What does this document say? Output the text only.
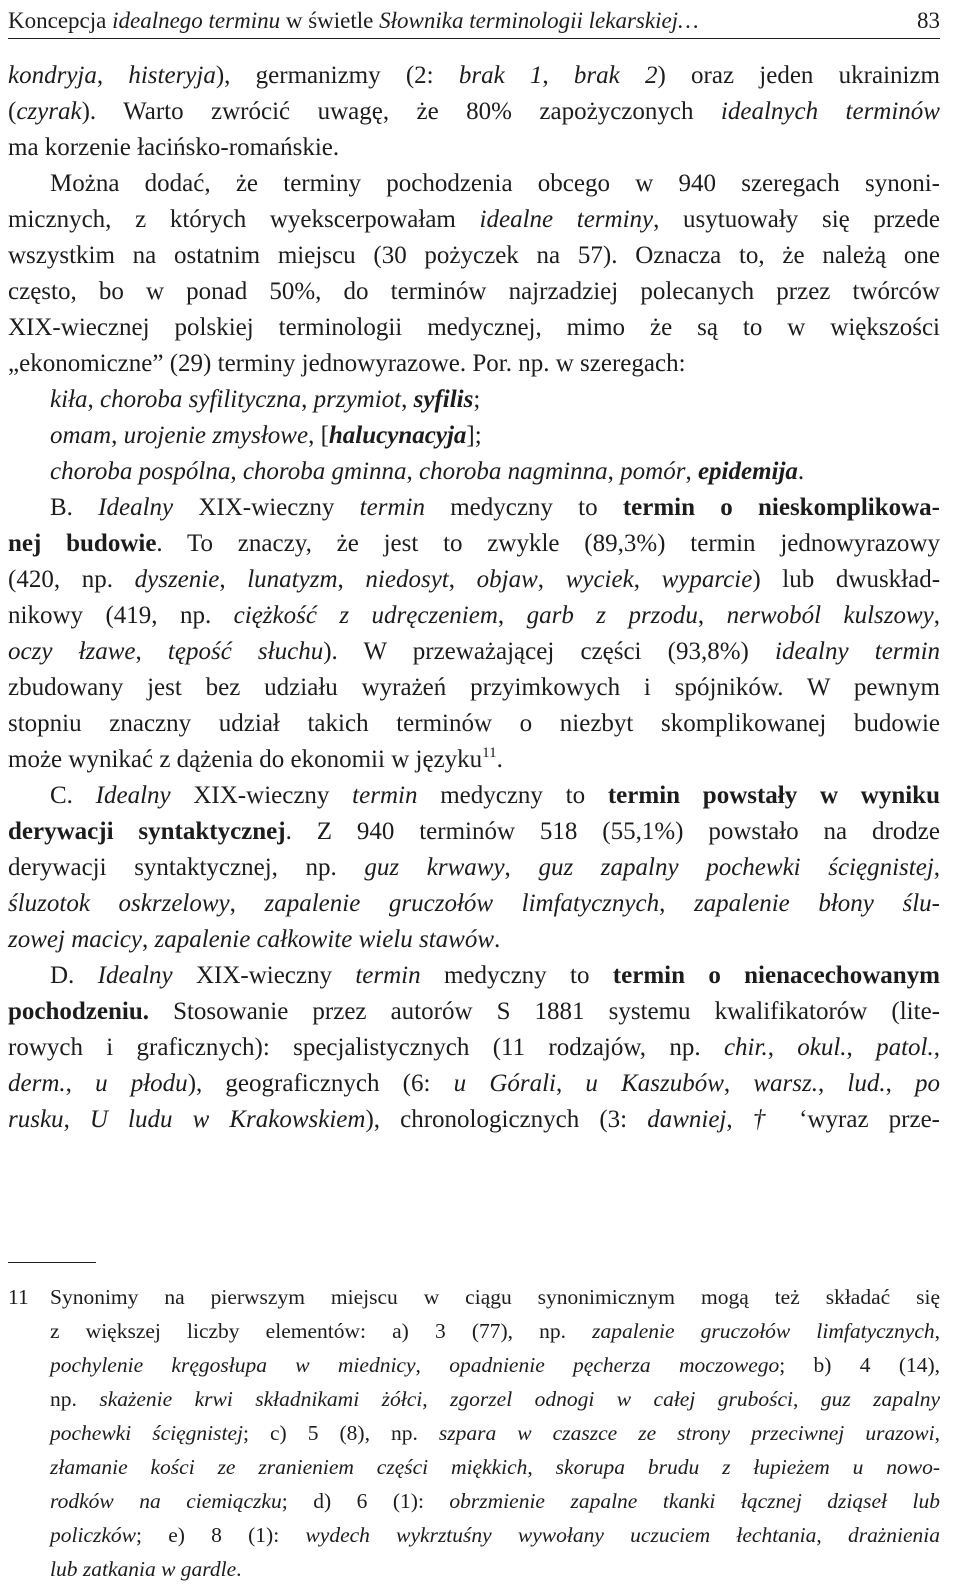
Koncepcja idealnego terminu w świetle Słownika terminologii lekarskiej…	83
kondryja, histeryja), germanizmy (2: brak 1, brak 2) oraz jeden ukrainizm
(czyrak). Warto zwrócić uwagę, że 80% zapożyczonych idealnych terminów
ma korzenie łacińsko-romańskie.
Można dodać, że terminy pochodzenia obcego w 940 szeregach synoni-
micznych, z których wyekscerpowałam idealne terminy, usytuowały się przede
wszystkim na ostatnim miejscu (30 pożyczek na 57). Oznacza to, że należą one
często, bo w ponad 50%, do terminów najrzadziej polecanych przez twórców
XIX-wiecznej polskiej terminologii medycznej, mimo że są to w większości
„ekonomiczne” (29) terminy jednowyrazowe. Por. np. w szeregach:
kiła, choroba syfilityczna, przymiot, syfilis;
omam, urojenie zmysłowe, [halucynacyja];
choroba pospólna, choroba gminna, choroba nagminna, pomór, epidemija.
B. Idealny XIX-wieczny termin medyczny to termin o nieskomplikowa-
nej budowie. To znaczy, że jest to zwykle (89,3%) termin jednowyrazowy
(420, np. dyszenie, lunatyzm, niedosyt, objaw, wyciek, wyparcie) lub dwuskład-
nikowy (419, np. ciężkość z udręczeniem, garb z przodu, nerwoból kulszowy,
oczy łzawe, tępość słuchu). W przeważającej części (93,8%) idealny termin
zbudowany jest bez udziału wyrażeń przyimkowych i spójników. W pewnym
stopniu znaczny udział takich terminów o niezbyt skomplikowanej budowie
może wynikać z dążenia do ekonomii w języku$^{11}$.
C. Idealny XIX-wieczny termin medyczny to termin powstały w wyniku
derywacji syntaktycznej. Z 940 terminów 518 (55,1%) powstało na drodze
derywacji syntaktycznej, np. guz krwawy, guz zapalny pochewki ścięgnistej,
śluzotok oskrzelowy, zapalenie gruczołów limfatycznych, zapalenie błony ślu-
zowej macicy, zapalenie całkowite wielu stawów.
D. Idealny XIX-wieczny termin medyczny to termin o nienacechowanym
pochodzeniu. Stosowanie przez autorów S 1881 systemu kwalifikatorów (lite-
rowych i graficznych): specjalistycznych (11 rodzajów, np. chir., okul., patol.,
derm., u płodu), geograficznych (6: u Górali, u Kaszubów, warsz., lud., po
rusku, U ludu w Krakowskiem), chronologicznych (3: dawniej, † ‘wyraz prze-
11 Synonimy na pierwszym miejscu w ciągu synonimicznym mogą też składać się
z większej liczby elementów: a) 3 (77), np. zapalenie gruczołów limfatycznych,
pochylenie kręgosłupa w miednicy, opadnienie pęcherza moczowego; b) 4 (14),
np. skażenie krwi składnikami żółci, zgorzel odnogi w całej grubości, guz zapalny
pochewki ścięgnistej; c) 5 (8), np. szpara w czaszce ze strony przeciwnej urazowi,
złamanie kości ze zranieniem części miękkich, skorupa brudu z łupieżem u nowo-
rodków na ciemiączku; d) 6 (1): obrzmienie zapalne tkanki łącznej dziąseł lub
policzków; e) 8 (1): wydech wykrztuśny wywołany uczuciem łechtania, drażnienia
lub zatkania w gardle.
